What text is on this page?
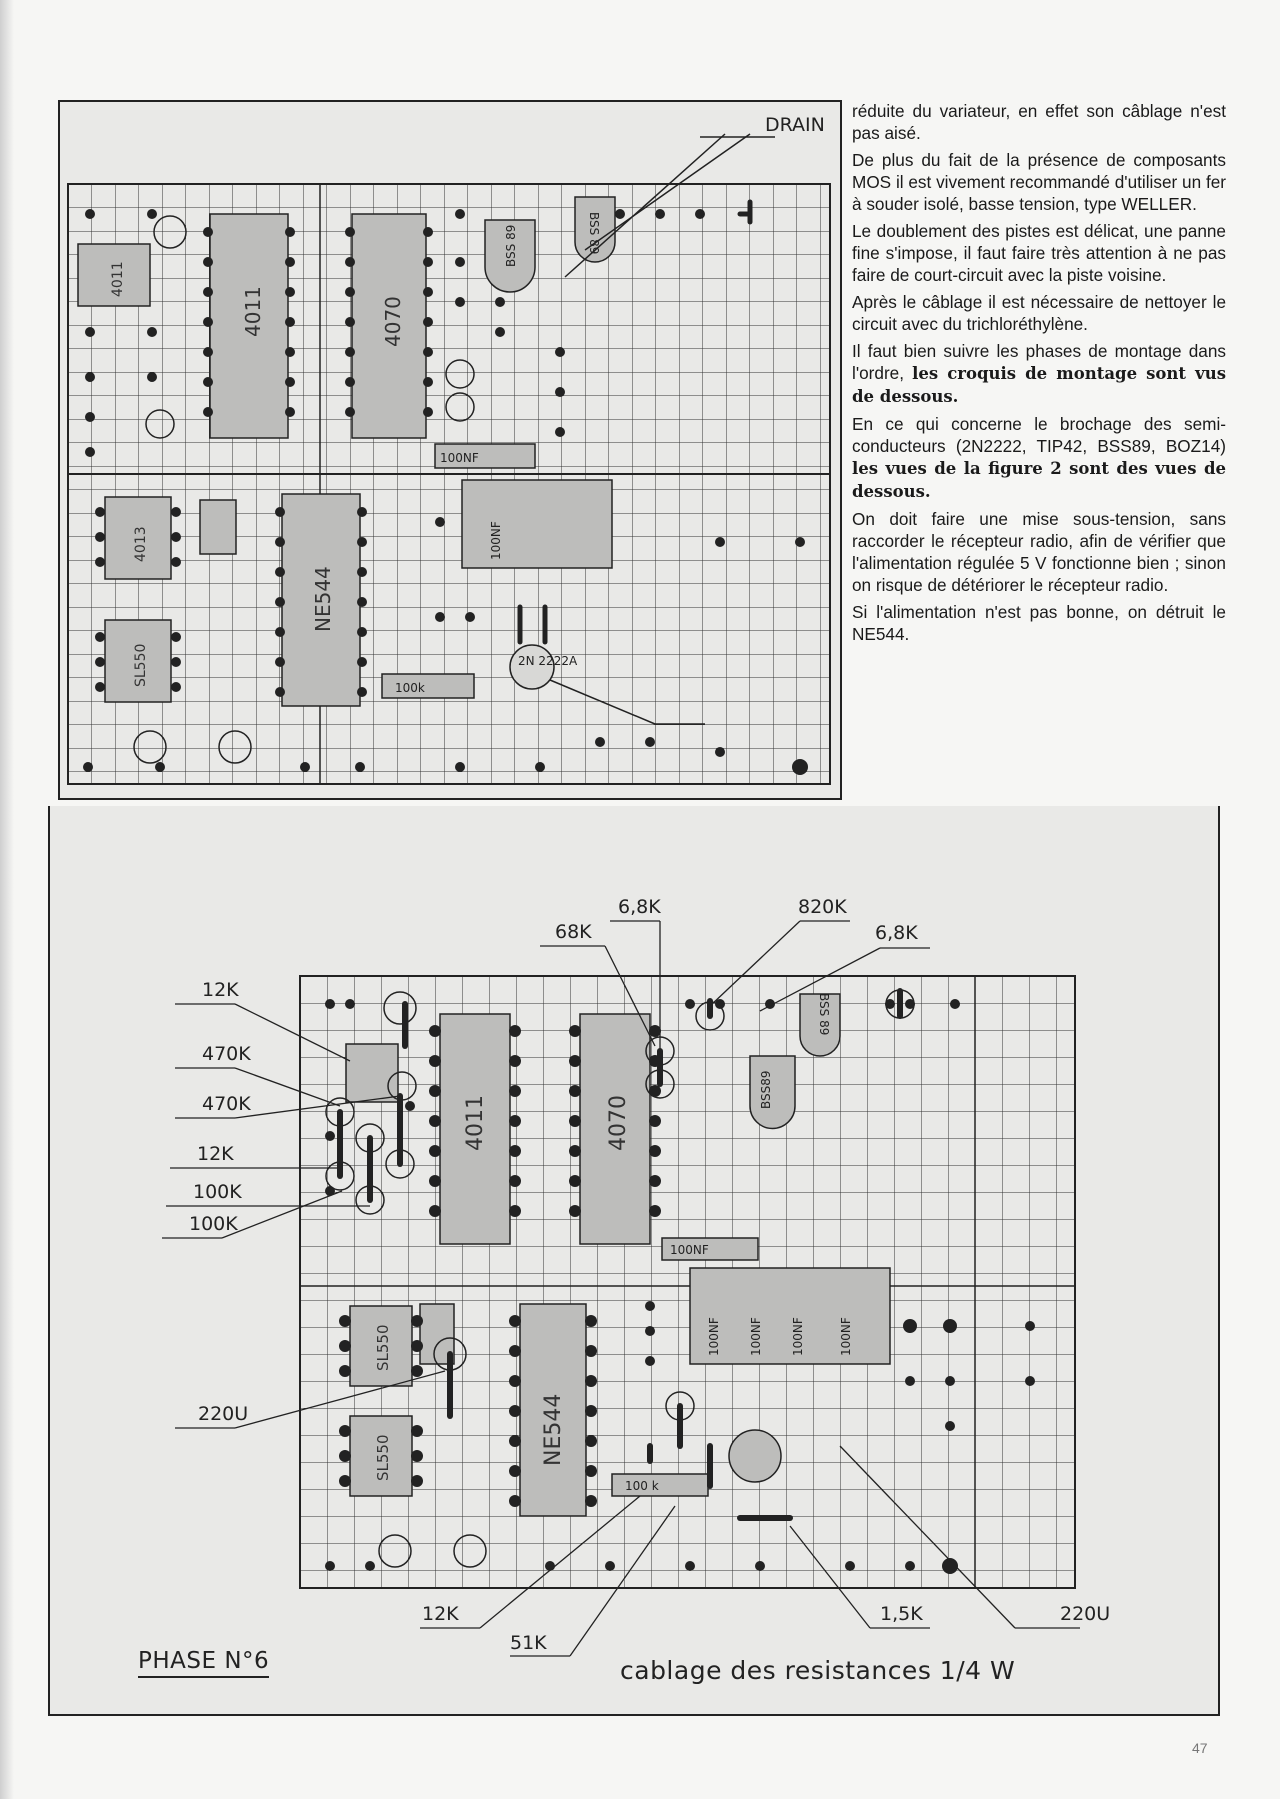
4011	4070
NE544
4013
4011
SL550
BSS 89	BSS 89
100NF
100k
2N 2222A
100NF
DRAIN

réduite du variateur, en effet son câblage n'est pas aisé.

De plus du fait de la présence de composants MOS il est vivement recommandé d'utiliser un fer à souder isolé, basse tension, type WELLER.

Le doublement des pistes est délicat, une panne fine s'impose, il faut faire très attention à ne pas faire de court-circuit avec la piste voisine.

Après le câblage il est nécessaire de nettoyer le circuit avec du trichloréthylène.

Il faut bien suivre les phases de montage dans l'ordre, les croquis de montage sont vus de dessous.

En ce qui concerne le brochage des semi-conducteurs (2N2222, TIP42, BSS89, BOZ14) les vues de la figure 2 sont des vues de dessous.

On doit faire une mise sous-tension, sans raccorder le récepteur radio, afin de vérifier que l'alimentation régulée 5 V fonctionne bien ; sinon on risque de détériorer le récepteur radio.

Si l'alimentation n'est pas bonne, on détruit le NE544.

4011	4070
NE544
SL550
SL550
BSS 89
BSS89
100NF
100 k
100NF 100NF 100NF	100NF
12K
470K
470K
12K
100K
100K
220U
6,8K
68K
820K
6,8K
12K
51K
1,5K	220U
PHASE N°6	cablage des resistances 1/4 W
47
